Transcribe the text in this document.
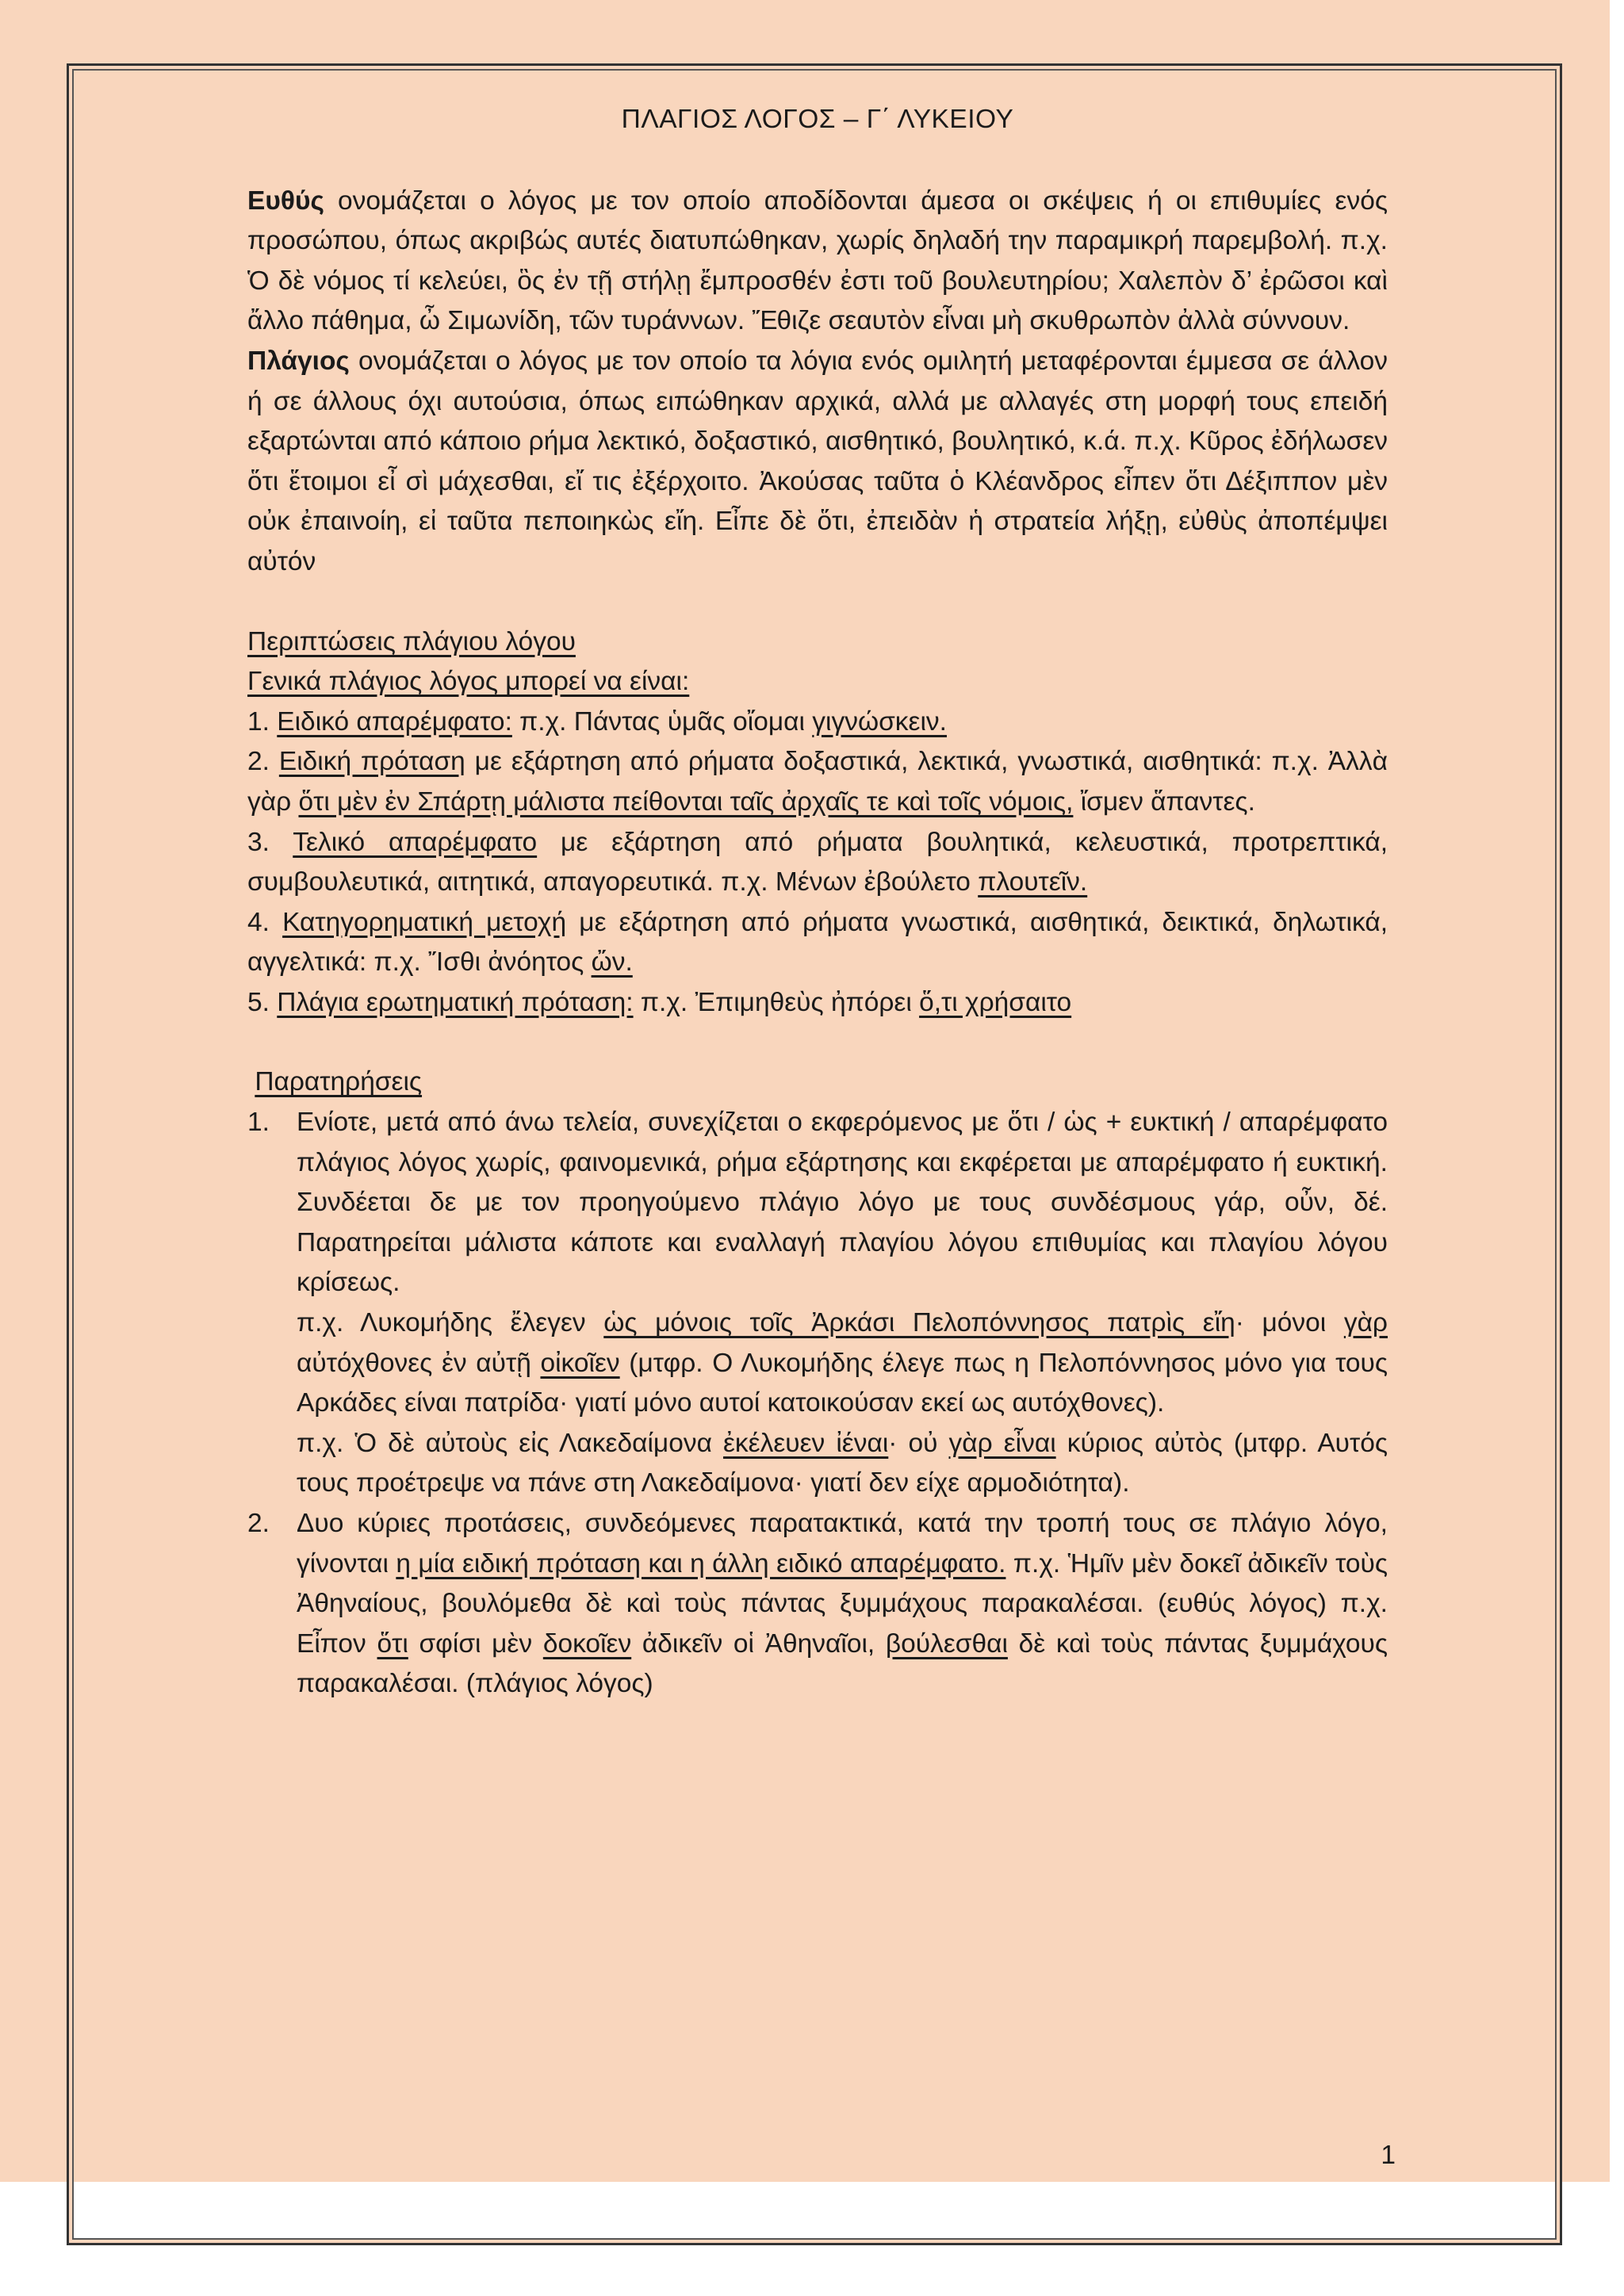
ΠΛΑΓΙΟΣ ΛΟΓΟΣ – Γ΄ ΛΥΚΕΙΟΥ

Ευθύς ονομάζεται ο λόγος με τον οποίο αποδίδονται άμεσα οι σκέψεις ή οι επιθυμίες ενός προσώπου, όπως ακριβώς αυτές διατυπώθηκαν, χωρίς δηλαδή την παραμικρή παρεμβολή. π.χ. Ὁ δὲ νόμος τί κελεύει, ὃς ἐν τῇ στήλῃ ἔμπροσθέν ἐστι τοῦ βουλευτηρίου; Χαλεπὸν δ’ ἐρῶσοι καὶ ἄλλο πάθημα, ὦ Σιμωνίδη, τῶν τυράννων. Ἔθιζε σεαυτὸν εἶναι μὴ σκυθρωπὸν ἀλλὰ σύννουν.

Πλάγιος ονομάζεται ο λόγος με τον οποίο τα λόγια ενός ομιλητή μεταφέρονται έμμεσα σε άλλον ή σε άλλους όχι αυτούσια, όπως ειπώθηκαν αρχικά, αλλά με αλλαγές στη μορφή τους επειδή εξαρτώνται από κάποιο ρήμα λεκτικό, δοξαστικό, αισθητικό, βουλητικό, κ.ά. π.χ. Κῦρος ἐδήλωσεν ὅτι ἕτοιμοι εἶ σὶ μάχεσθαι, εἴ τις ἐξέρχοιτο. Ἀκούσας ταῦτα ὁ Κλέανδρος εἶπεν ὅτι Δέξιππον μὲν οὐκ ἐπαινοίη, εἰ ταῦτα πεποιηκὼς εἴη. Εἶπε δὲ ὅτι, ἐπειδὰν ἡ στρατεία λήξῃ, εὐθὺς ἀποπέμψει αὐτόν

Περιπτώσεις πλάγιου λόγου

Γενικά πλάγιος λόγος μπορεί να είναι:

1. Ειδικό απαρέμφατο: π.χ. Πάντας ὑμᾶς οἴομαι γιγνώσκειν.

2. Ειδική πρόταση με εξάρτηση από ρήματα δοξαστικά, λεκτικά, γνωστικά, αισθητικά: π.χ. Ἀλλὰ γὰρ ὅτι μὲν ἐν Σπάρτῃ μάλιστα πείθονται ταῖς ἀρχαῖς τε καὶ τοῖς νόμοις, ἴσμεν ἅπαντες.

3. Τελικό απαρέμφατο με εξάρτηση από ρήματα βουλητικά, κελευστικά, προτρεπτικά, συμβουλευτικά, αιτητικά, απαγορευτικά. π.χ. Μένων ἐβούλετο πλουτεῖν.

4. Κατηγορηματική μετοχή με εξάρτηση από ρήματα γνωστικά, αισθητικά, δεικτικά, δηλωτικά, αγγελτικά: π.χ. Ἴσθι ἀνόητος ὤν.

5. Πλάγια ερωτηματική πρόταση: π.χ. Ἐπιμηθεὺς ἠπόρει ὅ,τι χρήσαιτο

Παρατηρήσεις

1.	Ενίοτε, μετά από άνω τελεία, συνεχίζεται ο εκφερόμενος με ὅτι / ὡς + ευκτική / απαρέμφατο πλάγιος λόγος χωρίς, φαινομενικά, ρήμα εξάρτησης και εκφέρεται με απαρέμφατο ή ευκτική. Συνδέεται δε με τον προηγούμενο πλάγιο λόγο με τους συνδέσμους γάρ, οὖν, δέ. Παρατηρείται μάλιστα κάποτε και εναλλαγή πλαγίου λόγου επιθυμίας και πλαγίου λόγου κρίσεως.

π.χ. Λυκομήδης ἔλεγεν ὡς μόνοις τοῖς Ἀρκάσι Πελοπόννησος πατρὶς εἴη· μόνοι γὰρ αὐτόχθονες ἐν αὐτῇ οἰκοῖεν (μτφρ. Ο Λυκομήδης έλεγε πως η Πελοπόννησος μόνο για τους Αρκάδες είναι πατρίδα· γιατί μόνο αυτοί κατοικούσαν εκεί ως αυτόχθονες).

π.χ. Ὁ δὲ αὐτοὺς εἰς Λακεδαίμονα ἐκέλευεν ἰέναι· οὐ γὰρ εἶναι κύριος αὐτὸς (μτφρ. Αυτός τους προέτρεψε να πάνε στη Λακεδαίμονα· γιατί δεν είχε αρμοδιότητα).

2.	Δυο κύριες προτάσεις, συνδεόμενες παρατακτικά, κατά την τροπή τους σε πλάγιο λόγο, γίνονται η μία ειδική πρόταση και η άλλη ειδικό απαρέμφατο. π.χ. Ἡμῖν μὲν δοκεῖ ἀδικεῖν τοὺς Ἀθηναίους, βουλόμεθα δὲ καὶ τοὺς πάντας ξυμμάχους παρακαλέσαι. (ευθύς λόγος) π.χ. Εἶπον ὅτι σφίσι μὲν δοκοῖεν ἀδικεῖν οἱ Ἀθηναῖοι, βούλεσθαι δὲ καὶ τοὺς πάντας ξυμμάχους παρακαλέσαι. (πλάγιος λόγος)

1
